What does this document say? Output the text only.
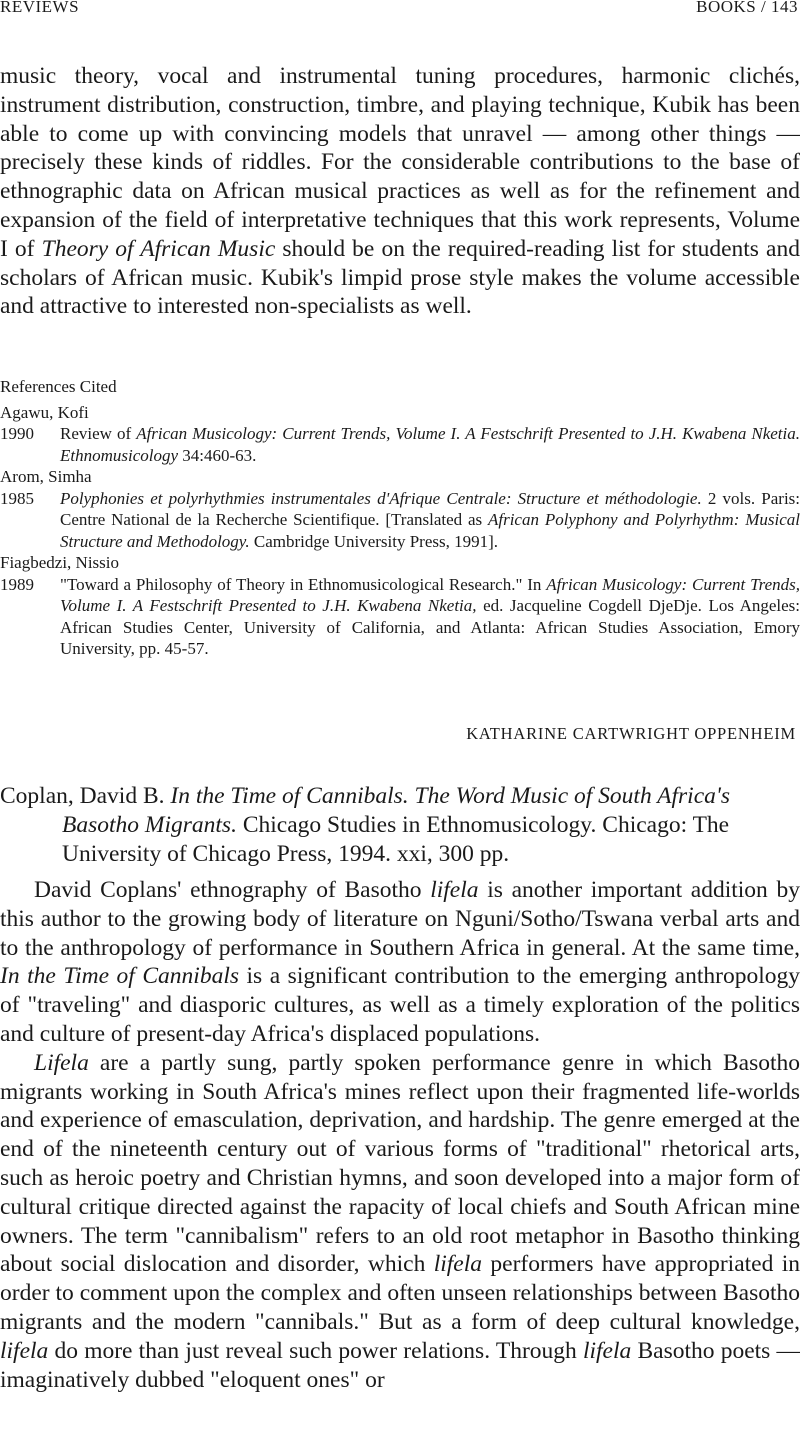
REVIEWS	BOOKS / 143

music theory, vocal and instrumental tuning procedures, harmonic clichés, instrument distribution, construction, timbre, and playing technique, Kubik has been able to come up with convincing models that unravel — among other things — precisely these kinds of riddles. For the considerable contributions to the base of ethnographic data on African musical practices as well as for the refinement and expansion of the field of interpretative techniques that this work represents, Volume I of Theory of African Music should be on the required-reading list for students and scholars of African music. Kubik's limpid prose style makes the volume accessible and attractive to interested non-specialists as well.

References Cited

Agawu, Kofi

1990	Review of African Musicology: Current Trends, Volume I. A Festschrift Presented to J.H. Kwabena Nketia. Ethnomusicology 34:460-63.

Arom, Simha

1985	Polyphonies et polyrhythmies instrumentales d'Afrique Centrale: Structure et méthodologie. 2 vols. Paris: Centre National de la Recherche Scientifique. [Translated as African Polyphony and Polyrhythm: Musical Structure and Methodology. Cambridge University Press, 1991].

Fiagbedzi, Nissio

1989	"Toward a Philosophy of Theory in Ethnomusicological Research." In African Musicology: Current Trends, Volume I. A Festschrift Presented to J.H. Kwabena Nketia, ed. Jacqueline Cogdell DjeDje. Los Angeles: African Studies Center, University of California, and Atlanta: African Studies Association, Emory University, pp. 45-57.
KATHARINE CARTWRIGHT OPPENHEIM

Coplan, David B. In the Time of Cannibals. The Word Music of South Africa's Basotho Migrants. Chicago Studies in Ethnomusicology. Chicago: The University of Chicago Press, 1994. xxi, 300 pp.

David Coplans' ethnography of Basotho lifela is another important addition by this author to the growing body of literature on Nguni/Sotho/Tswana verbal arts and to the anthropology of performance in Southern Africa in general. At the same time, In the Time of Cannibals is a significant contribution to the emerging anthropology of "traveling" and diasporic cultures, as well as a timely exploration of the politics and culture of present-day Africa's displaced populations.

Lifela are a partly sung, partly spoken performance genre in which Basotho migrants working in South Africa's mines reflect upon their fragmented life-worlds and experience of emasculation, deprivation, and hardship. The genre emerged at the end of the nineteenth century out of various forms of "traditional" rhetorical arts, such as heroic poetry and Christian hymns, and soon developed into a major form of cultural critique directed against the rapacity of local chiefs and South African mine owners. The term "cannibalism" refers to an old root metaphor in Basotho thinking about social dislocation and disorder, which lifela performers have appropriated in order to comment upon the complex and often unseen relationships between Basotho migrants and the modern "cannibals." But as a form of deep cultural knowledge, lifela do more than just reveal such power relations. Through lifela Basotho poets — imaginatively dubbed "eloquent ones" or
